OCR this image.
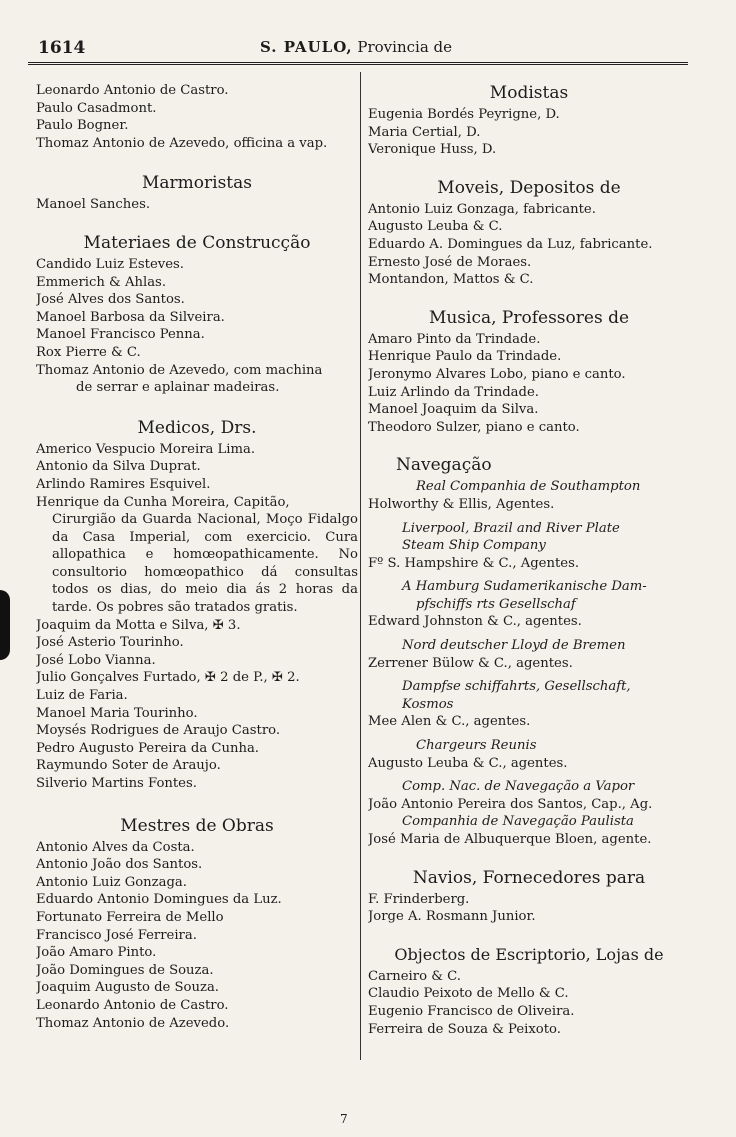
1614	S. PAULO, Provincia de
Leonardo Antonio de Castro.
Paulo Casadmont.
Paulo Bogner.
Thomaz Antonio de Azevedo, officina a vap.
Marmoristas
Manoel Sanches.
Materiaes de Construcção
Candido Luiz Esteves.
Emmerich & Ahlas.
José Alves dos Santos.
Manoel Barbosa da Silveira.
Manoel Francisco Penna.
Rox Pierre & C.
Thomaz Antonio de Azevedo, com machina
de serrar e aplainar madeiras.
Medicos, Drs.
Americo Vespucio Moreira Lima.
Antonio da Silva Duprat.
Arlindo Ramires Esquivel.
Henrique da Cunha Moreira, Capitão,
Cirurgião da Guarda Nacional, Moço Fidalgo da Casa Imperial, com exercicio. Cura allopathica e homœopathicamente. No consultorio homœopathico dá consultas todos os dias, do meio dia ás 2 horas da tarde. Os pobres são tratados gratis.
Joaquim da Motta e Silva, ✠ 3.
José Asterio Tourinho.
José Lobo Vianna.
Julio Gonçalves Furtado, ✠ 2 de P., ✠ 2.
Luiz de Faria.
Manoel Maria Tourinho.
Moysés Rodrigues de Araujo Castro.
Pedro Augusto Pereira da Cunha.
Raymundo Soter de Araujo.
Silverio Martins Fontes.
Mestres de Obras
Antonio Alves da Costa.
Antonio João dos Santos.
Antonio Luiz Gonzaga.
Eduardo Antonio Domingues da Luz.
Fortunato Ferreira de Mello
Francisco José Ferreira.
João Amaro Pinto.
João Domingues de Souza.
Joaquim Augusto de Souza.
Leonardo Antonio de Castro.
Thomaz Antonio de Azevedo.
Modistas
Eugenia Bordés Peyrigne, D.
Maria Certial, D.
Veronique Huss, D.
Moveis, Depositos de
Antonio Luiz Gonzaga, fabricante.
Augusto Leuba & C.
Eduardo A. Domingues da Luz, fabricante.
Ernesto José de Moraes.
Montandon, Mattos & C.
Musica, Professores de
Amaro Pinto da Trindade.
Henrique Paulo da Trindade.
Jeronymo Alvares Lobo, piano e canto.
Luiz Arlindo da Trindade.
Manoel Joaquim da Silva.
Theodoro Sulzer, piano e canto.
Navegação
Real Companhia de Southampton
Holworthy & Ellis, Agentes.
Liverpool, Brazil and River Plate
Steam Ship Company
Fº S. Hampshire & C., Agentes.
A Hamburg Sudamerikanische Dam-
pfschiffs rts Gesellschaf
Edward Johnston & C., agentes.
Nord deutscher Lloyd de Bremen
Zerrener Bülow & C., agentes.
Dampfse schiffahrts, Gesellschaft,
Kosmos
Mee Alen & C., agentes.
Chargeurs Reunis
Augusto Leuba & C., agentes.
Comp. Nac. de Navegação a Vapor
João Antonio Pereira dos Santos, Cap., Ag.
Companhia de Navegação Paulista
José Maria de Albuquerque Bloen, agente.
Navios, Fornecedores para
F. Frinderberg.
Jorge A. Rosmann Junior.
Objectos de Escriptorio, Lojas de
Carneiro & C.
Claudio Peixoto de Mello & C.
Eugenio Francisco de Oliveira.
Ferreira de Souza & Peixoto.
7
